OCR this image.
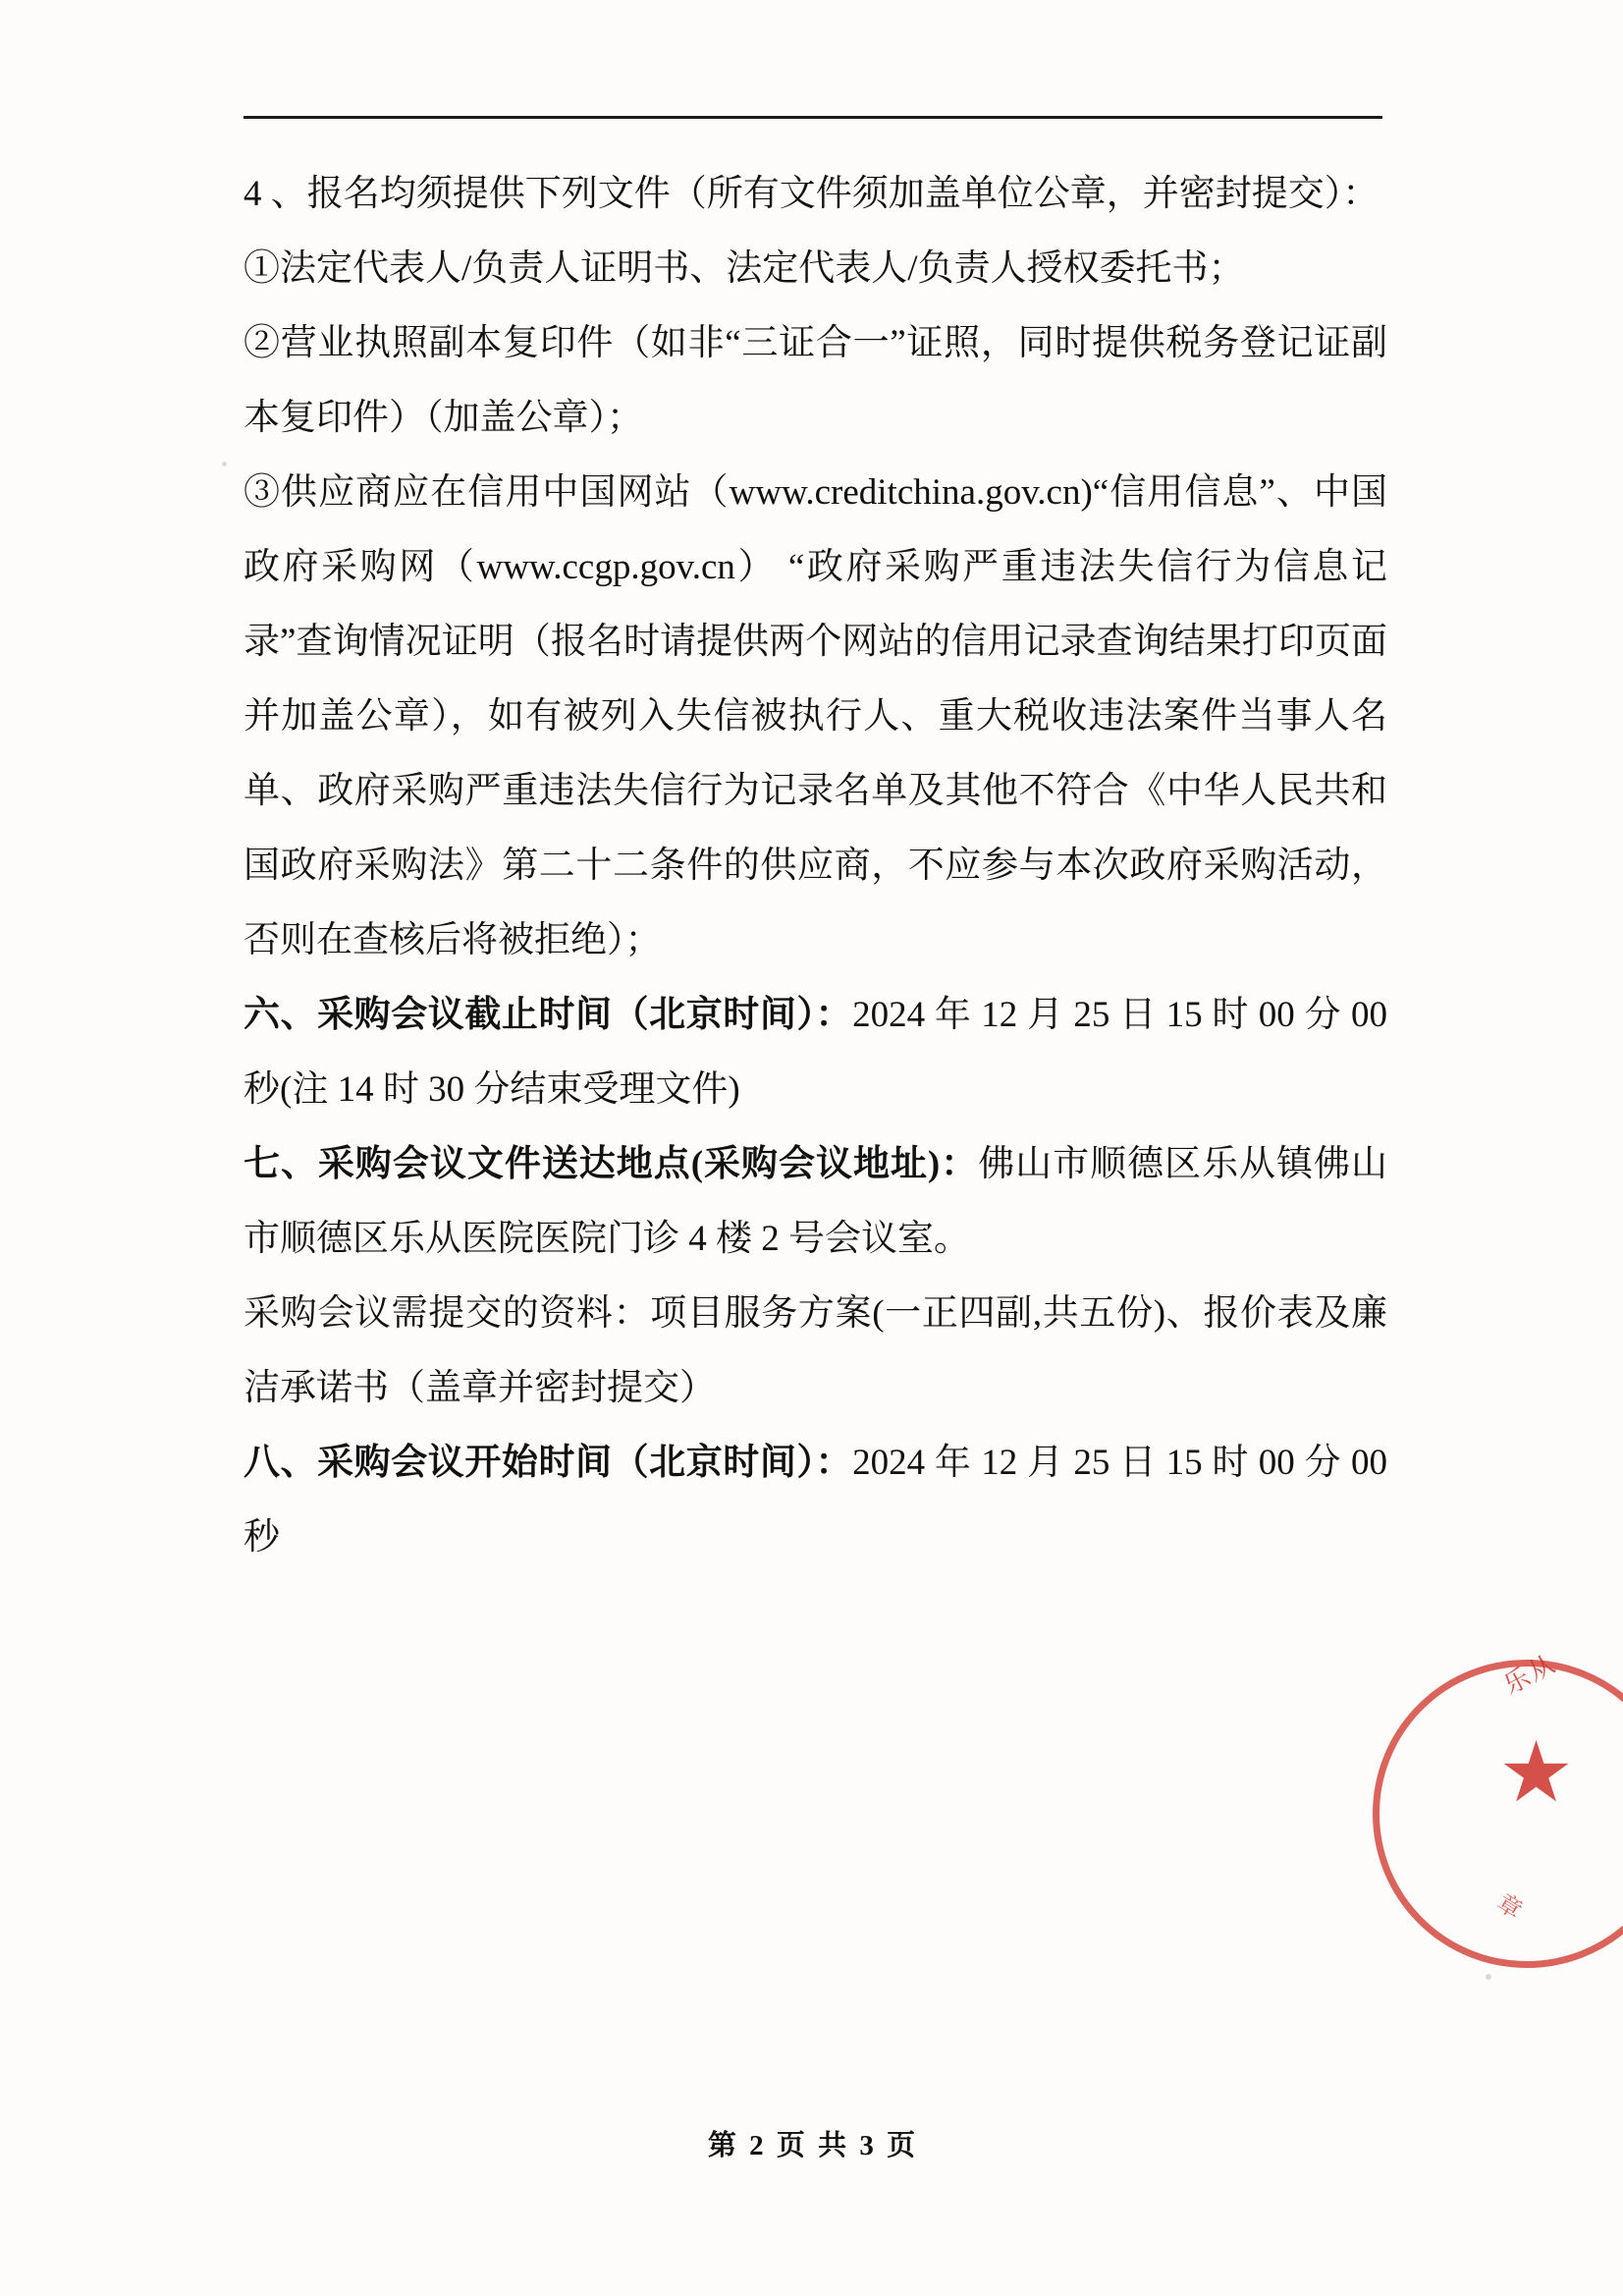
4 、报名均须提供下列文件（所有文件须加盖单位公章，并密封提交）：

①法定代表人/负责人证明书、法定代表人/负责人授权委托书；

②营业执照副本复印件（如非“三证合一”证照，同时提供税务登记证副本复印件）（加盖公章）；

③供应商应在信用中国网站（www.creditchina.gov.cn)“信用信息”、中国政府采购网（www.ccgp.gov.cn） “政府采购严重违法失信行为信息记录”查询情况证明（报名时请提供两个网站的信用记录查询结果打印页面并加盖公章），如有被列入失信被执行人、重大税收违法案件当事人名单、政府采购严重违法失信行为记录名单及其他不符合《中华人民共和国政府采购法》第二十二条件的供应商，不应参与本次政府采购活动，否则在查核后将被拒绝）；

六、采购会议截止时间（北京时间）：2024 年 12 月 25 日 15 时 00 分 00 秒(注 14 时 30 分结束受理文件)

七、采购会议文件送达地点(采购会议地址)：佛山市顺德区乐从镇佛山市顺德区乐从医院医院门诊 4 楼 2 号会议室。

采购会议需提交的资料：项目服务方案(一正四副,共五份)、报价表及廉洁承诺书（盖章并密封提交）

八、采购会议开始时间（北京时间）：2024 年 12 月 25 日 15 时 00 分 00 秒

第 2 页 共 3 页
乐从
★
章
